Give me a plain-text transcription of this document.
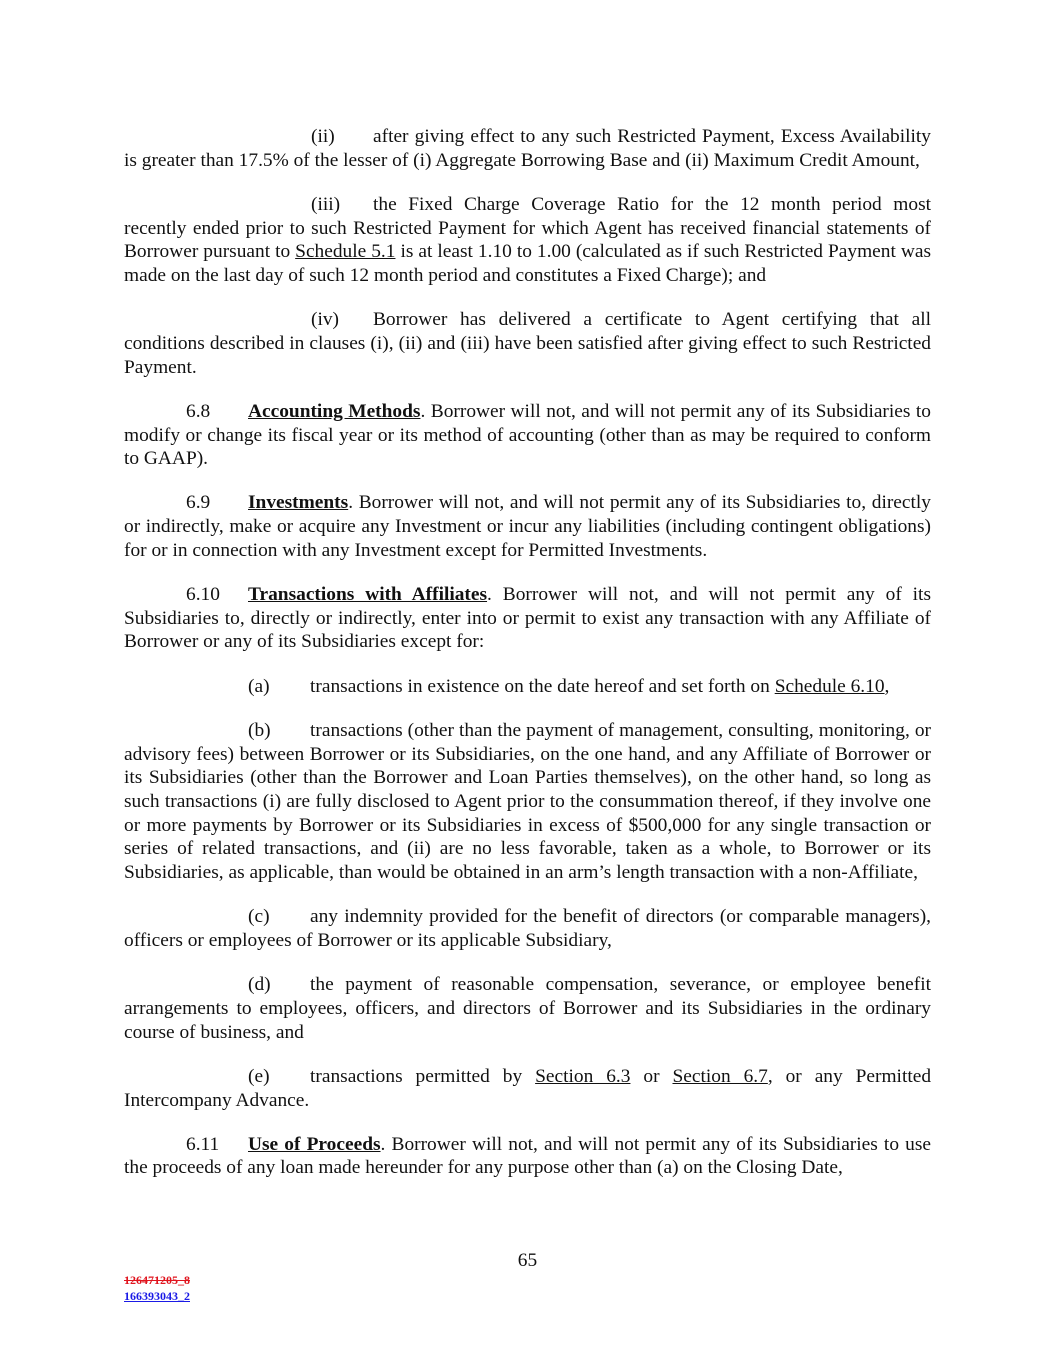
(ii) after giving effect to any such Restricted Payment, Excess Availability is greater than 17.5% of the lesser of (i) Aggregate Borrowing Base and (ii) Maximum Credit Amount,

(iii) the Fixed Charge Coverage Ratio for the 12 month period most recently ended prior to such Restricted Payment for which Agent has received financial statements of Borrower pursuant to Schedule 5.1 is at least 1.10 to 1.00 (calculated as if such Restricted Payment was made on the last day of such 12 month period and constitutes a Fixed Charge); and

(iv) Borrower has delivered a certificate to Agent certifying that all conditions described in clauses (i), (ii) and (iii) have been satisfied after giving effect to such Restricted Payment.

6.8 Accounting Methods. Borrower will not, and will not permit any of its Subsidiaries to modify or change its fiscal year or its method of accounting (other than as may be required to conform to GAAP).

6.9 Investments. Borrower will not, and will not permit any of its Subsidiaries to, directly or indirectly, make or acquire any Investment or incur any liabilities (including contingent obligations) for or in connection with any Investment except for Permitted Investments.

6.10 Transactions with Affiliates. Borrower will not, and will not permit any of its Subsidiaries to, directly or indirectly, enter into or permit to exist any transaction with any Affiliate of Borrower or any of its Subsidiaries except for:

(a) transactions in existence on the date hereof and set forth on Schedule 6.10,

(b) transactions (other than the payment of management, consulting, monitoring, or advisory fees) between Borrower or its Subsidiaries, on the one hand, and any Affiliate of Borrower or its Subsidiaries (other than the Borrower and Loan Parties themselves), on the other hand, so long as such transactions (i) are fully disclosed to Agent prior to the consummation thereof, if they involve one or more payments by Borrower or its Subsidiaries in excess of $500,000 for any single transaction or series of related transactions, and (ii) are no less favorable, taken as a whole, to Borrower or its Subsidiaries, as applicable, than would be obtained in an arm’s length transaction with a non-Affiliate,

(c) any indemnity provided for the benefit of directors (or comparable managers), officers or employees of Borrower or its applicable Subsidiary,

(d) the payment of reasonable compensation, severance, or employee benefit arrangements to employees, officers, and directors of Borrower and its Subsidiaries in the ordinary course of business, and

(e) transactions permitted by Section 6.3 or Section 6.7, or any Permitted Intercompany Advance.

6.11 Use of Proceeds. Borrower will not, and will not permit any of its Subsidiaries to use the proceeds of any loan made hereunder for any purpose other than (a) on the Closing Date,

65
126471205_8
166393043_2
